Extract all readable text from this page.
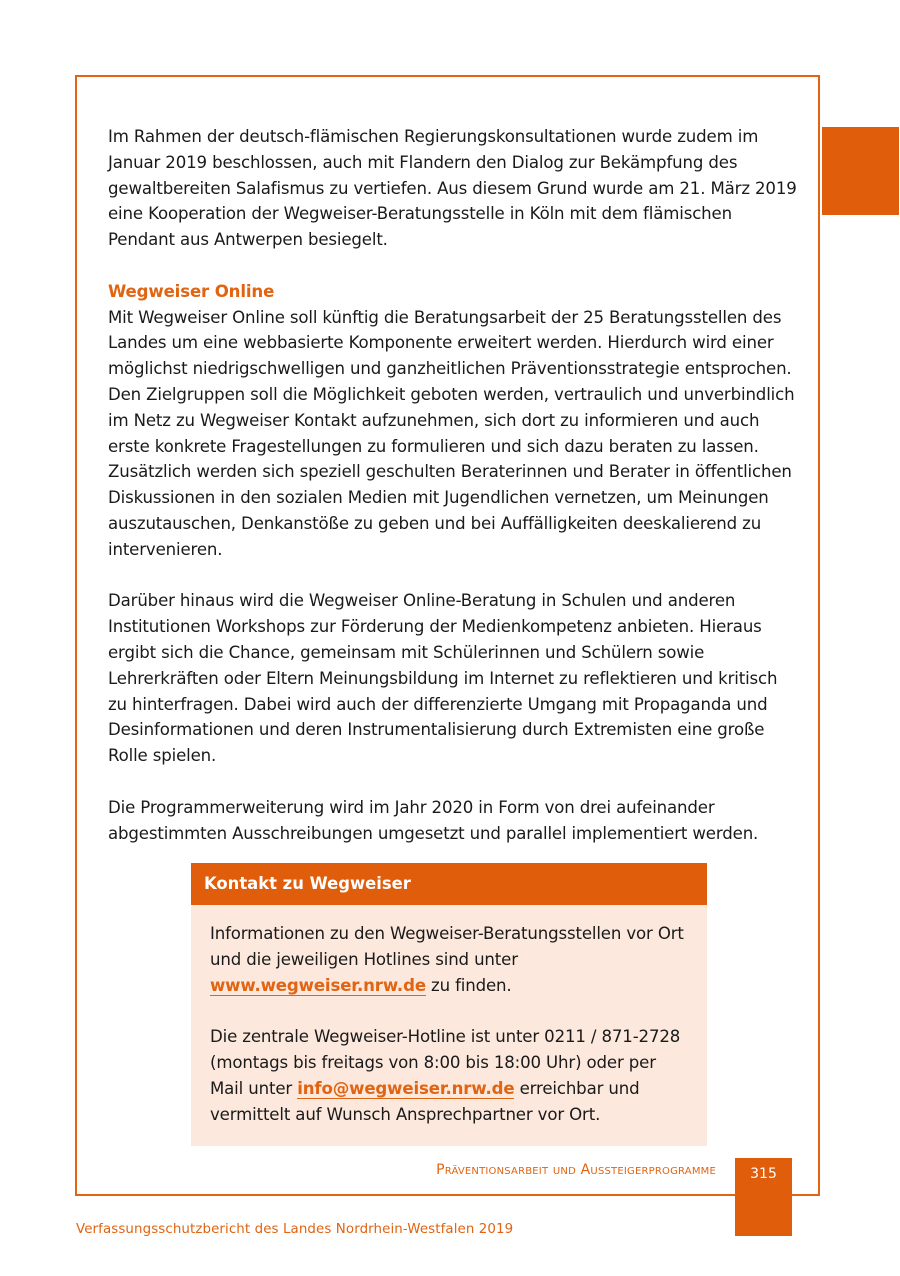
Im Rahmen der deutsch-flämischen Regierungskonsultationen wurde zudem im Januar 2019 beschlossen, auch mit Flandern den Dialog zur Bekämpfung des gewaltbereiten Salafismus zu vertiefen. Aus diesem Grund wurde am 21. März 2019 eine Kooperation der Wegweiser-Beratungsstelle in Köln mit dem flämischen Pendant aus Antwerpen besiegelt.

Wegweiser Online

Mit Wegweiser Online soll künftig die Beratungsarbeit der 25 Beratungsstellen des Landes um eine webbasierte Komponente erweitert werden. Hierdurch wird einer möglichst niedrigschwelligen und ganzheitlichen Präventionsstrategie entsprochen. Den Zielgruppen soll die Möglichkeit geboten werden, vertraulich und unverbindlich im Netz zu Wegweiser Kontakt aufzunehmen, sich dort zu informieren und auch erste konkrete Fragestellungen zu formulieren und sich dazu beraten zu lassen. Zusätzlich werden sich speziell geschulten Beraterinnen und Berater in öffentlichen Diskussionen in den sozialen Medien mit Jugendlichen vernetzen, um Meinungen auszutauschen, Denkanstöße zu geben und bei Auffälligkeiten deeskalierend zu intervenieren.

Darüber hinaus wird die Wegweiser Online-Beratung in Schulen und anderen Institutionen Workshops zur Förderung der Medienkompetenz anbieten. Hieraus ergibt sich die Chance, gemeinsam mit Schülerinnen und Schülern sowie Lehrerkräften oder Eltern Meinungsbildung im Internet zu reflektieren und kritisch zu hinterfragen. Dabei wird auch der differenzierte Umgang mit Propaganda und Desinformationen und deren Instrumentalisierung durch Extremisten eine große Rolle spielen.

Die Programmerweiterung wird im Jahr 2020 in Form von drei aufeinander abgestimmten Ausschreibungen umgesetzt und parallel implementiert werden.

Kontakt zu Wegweiser

Informationen zu den Wegweiser-Beratungsstellen vor Ort und die jeweiligen Hotlines sind unter www.wegweiser.nrw.de zu finden.

Die zentrale Wegweiser-Hotline ist unter 0211 / 871-2728 (montags bis freitags von 8:00 bis 18:00 Uhr) oder per Mail unter info@wegweiser.nrw.de erreichbar und vermittelt auf Wunsch Ansprechpartner vor Ort.

Präventionsarbeit und Aussteigerprogramme	315
Verfassungsschutzbericht des Landes Nordrhein-Westfalen 2019
